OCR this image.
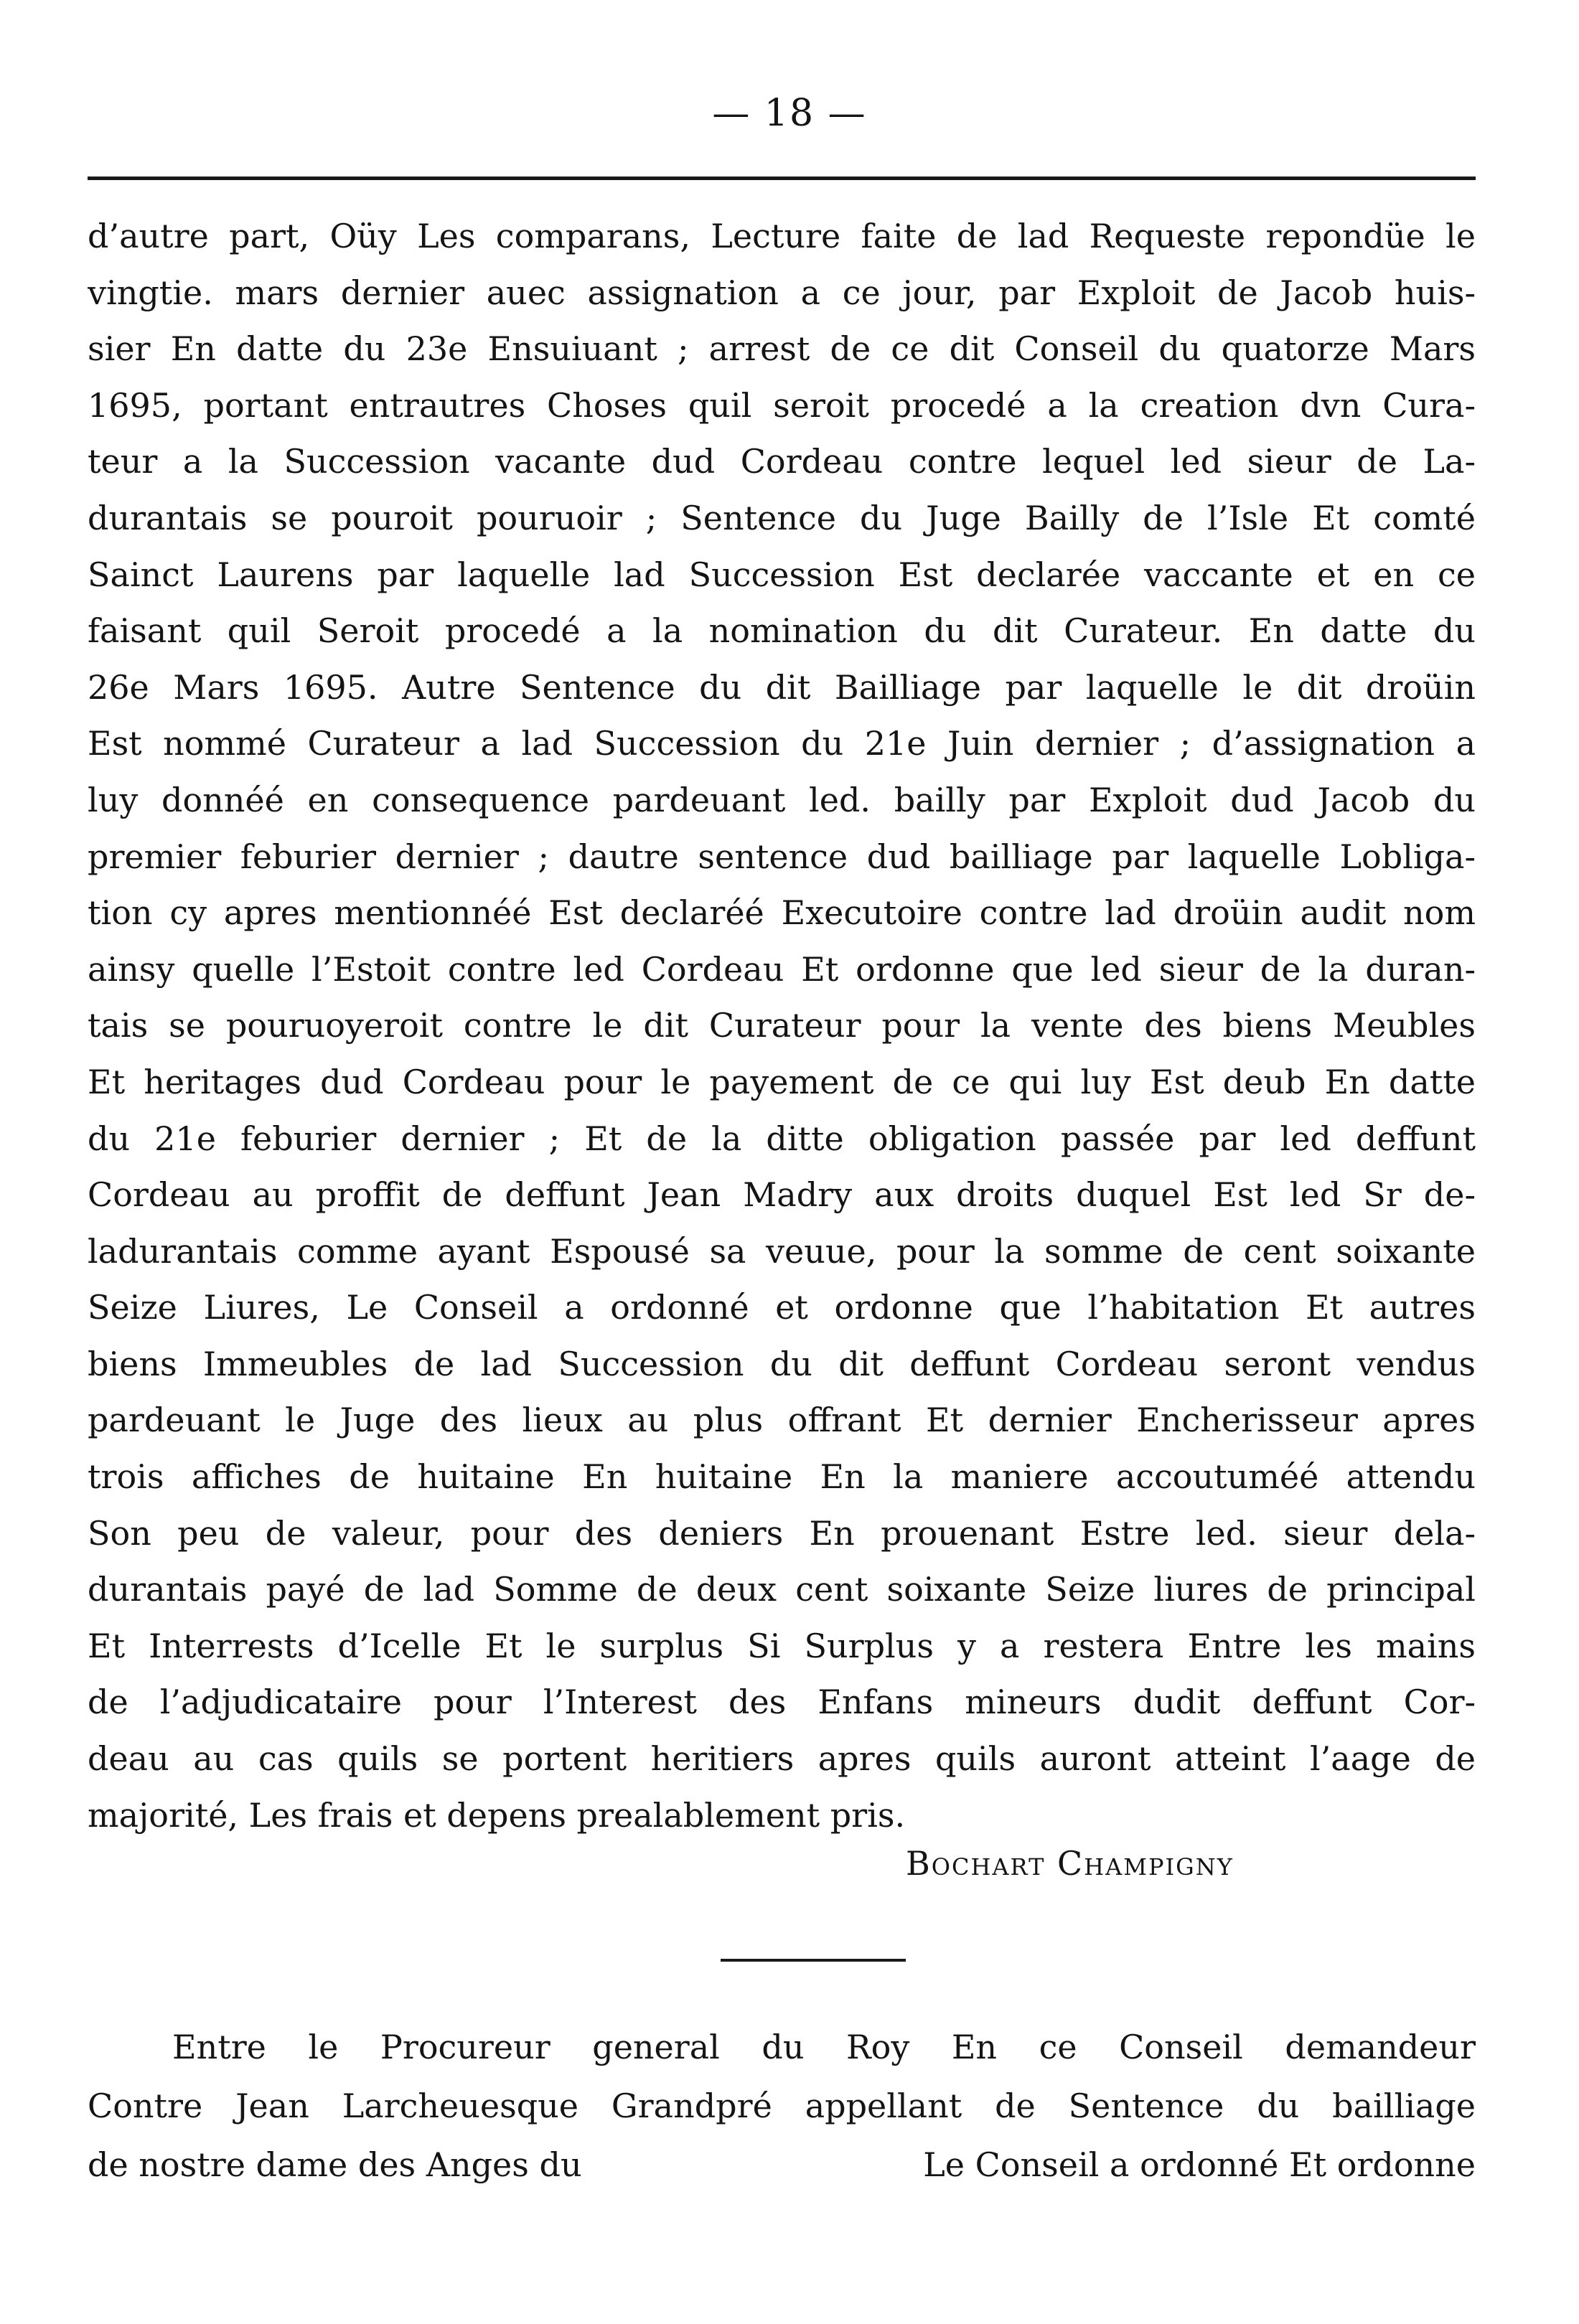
— 18 —
d’autre part, Oüy Les comparans, Lecture faite de lad Requeste repondüe le
vingtie. mars dernier auec assignation a ce jour, par Exploit de Jacob huis-
sier En datte du 23e Ensuiuant ; arrest de ce dit Conseil du quatorze Mars
1695, portant entrautres Choses quil seroit procedé a la creation dvn Cura-
teur a la Succession vacante dud Cordeau contre lequel led sieur de La-
durantais se pouroit pouruoir ; Sentence du Juge Bailly de l’Isle Et comté
Sainct Laurens par laquelle lad Succession Est declarée vaccante et en ce
faisant quil Seroit procedé a la nomination du dit Curateur. En datte du
26e Mars 1695. Autre Sentence du dit Bailliage par laquelle le dit droüin
Est nommé Curateur a lad Succession du 21e Juin dernier ; d’assignation a
luy donnéé en consequence pardeuant led. bailly par Exploit dud Jacob du
premier feburier dernier ; dautre sentence dud bailliage par laquelle Lobliga-
tion cy apres mentionnéé Est declaréé Executoire contre lad droüin audit nom
ainsy quelle l’Estoit contre led Cordeau Et ordonne que led sieur de la duran-
tais se pouruoyeroit contre le dit Curateur pour la vente des biens Meubles
Et heritages dud Cordeau pour le payement de ce qui luy Est deub En datte
du 21e feburier dernier ; Et de la ditte obligation passée par led deffunt
Cordeau au proffit de deffunt Jean Madry aux droits duquel Est led Sr de-
ladurantais comme ayant Espousé sa veuue, pour la somme de cent soixante
Seize Liures, Le Conseil a ordonné et ordonne que l’habitation Et autres
biens Immeubles de lad Succession du dit deffunt Cordeau seront vendus
pardeuant le Juge des lieux au plus offrant Et dernier Encherisseur apres
trois affiches de huitaine En huitaine En la maniere accoutuméé attendu
Son peu de valeur, pour des deniers En prouenant Estre led. sieur dela-
durantais payé de lad Somme de deux cent soixante Seize liures de principal
Et Interrests d’Icelle Et le surplus Si Surplus y a restera Entre les mains
de l’adjudicataire pour l’Interest des Enfans mineurs dudit deffunt Cor-
deau au cas quils se portent heritiers apres quils auront atteint l’aage de
majorité, Les frais et depens prealablement pris.
Bochart Champigny
Entre le Procureur general du Roy En ce Conseil demandeur
Contre Jean Larcheuesque Grandpré appellant de Sentence du bailliage
de nostre dame des Anges du	Le Conseil a ordonné Et ordonne
